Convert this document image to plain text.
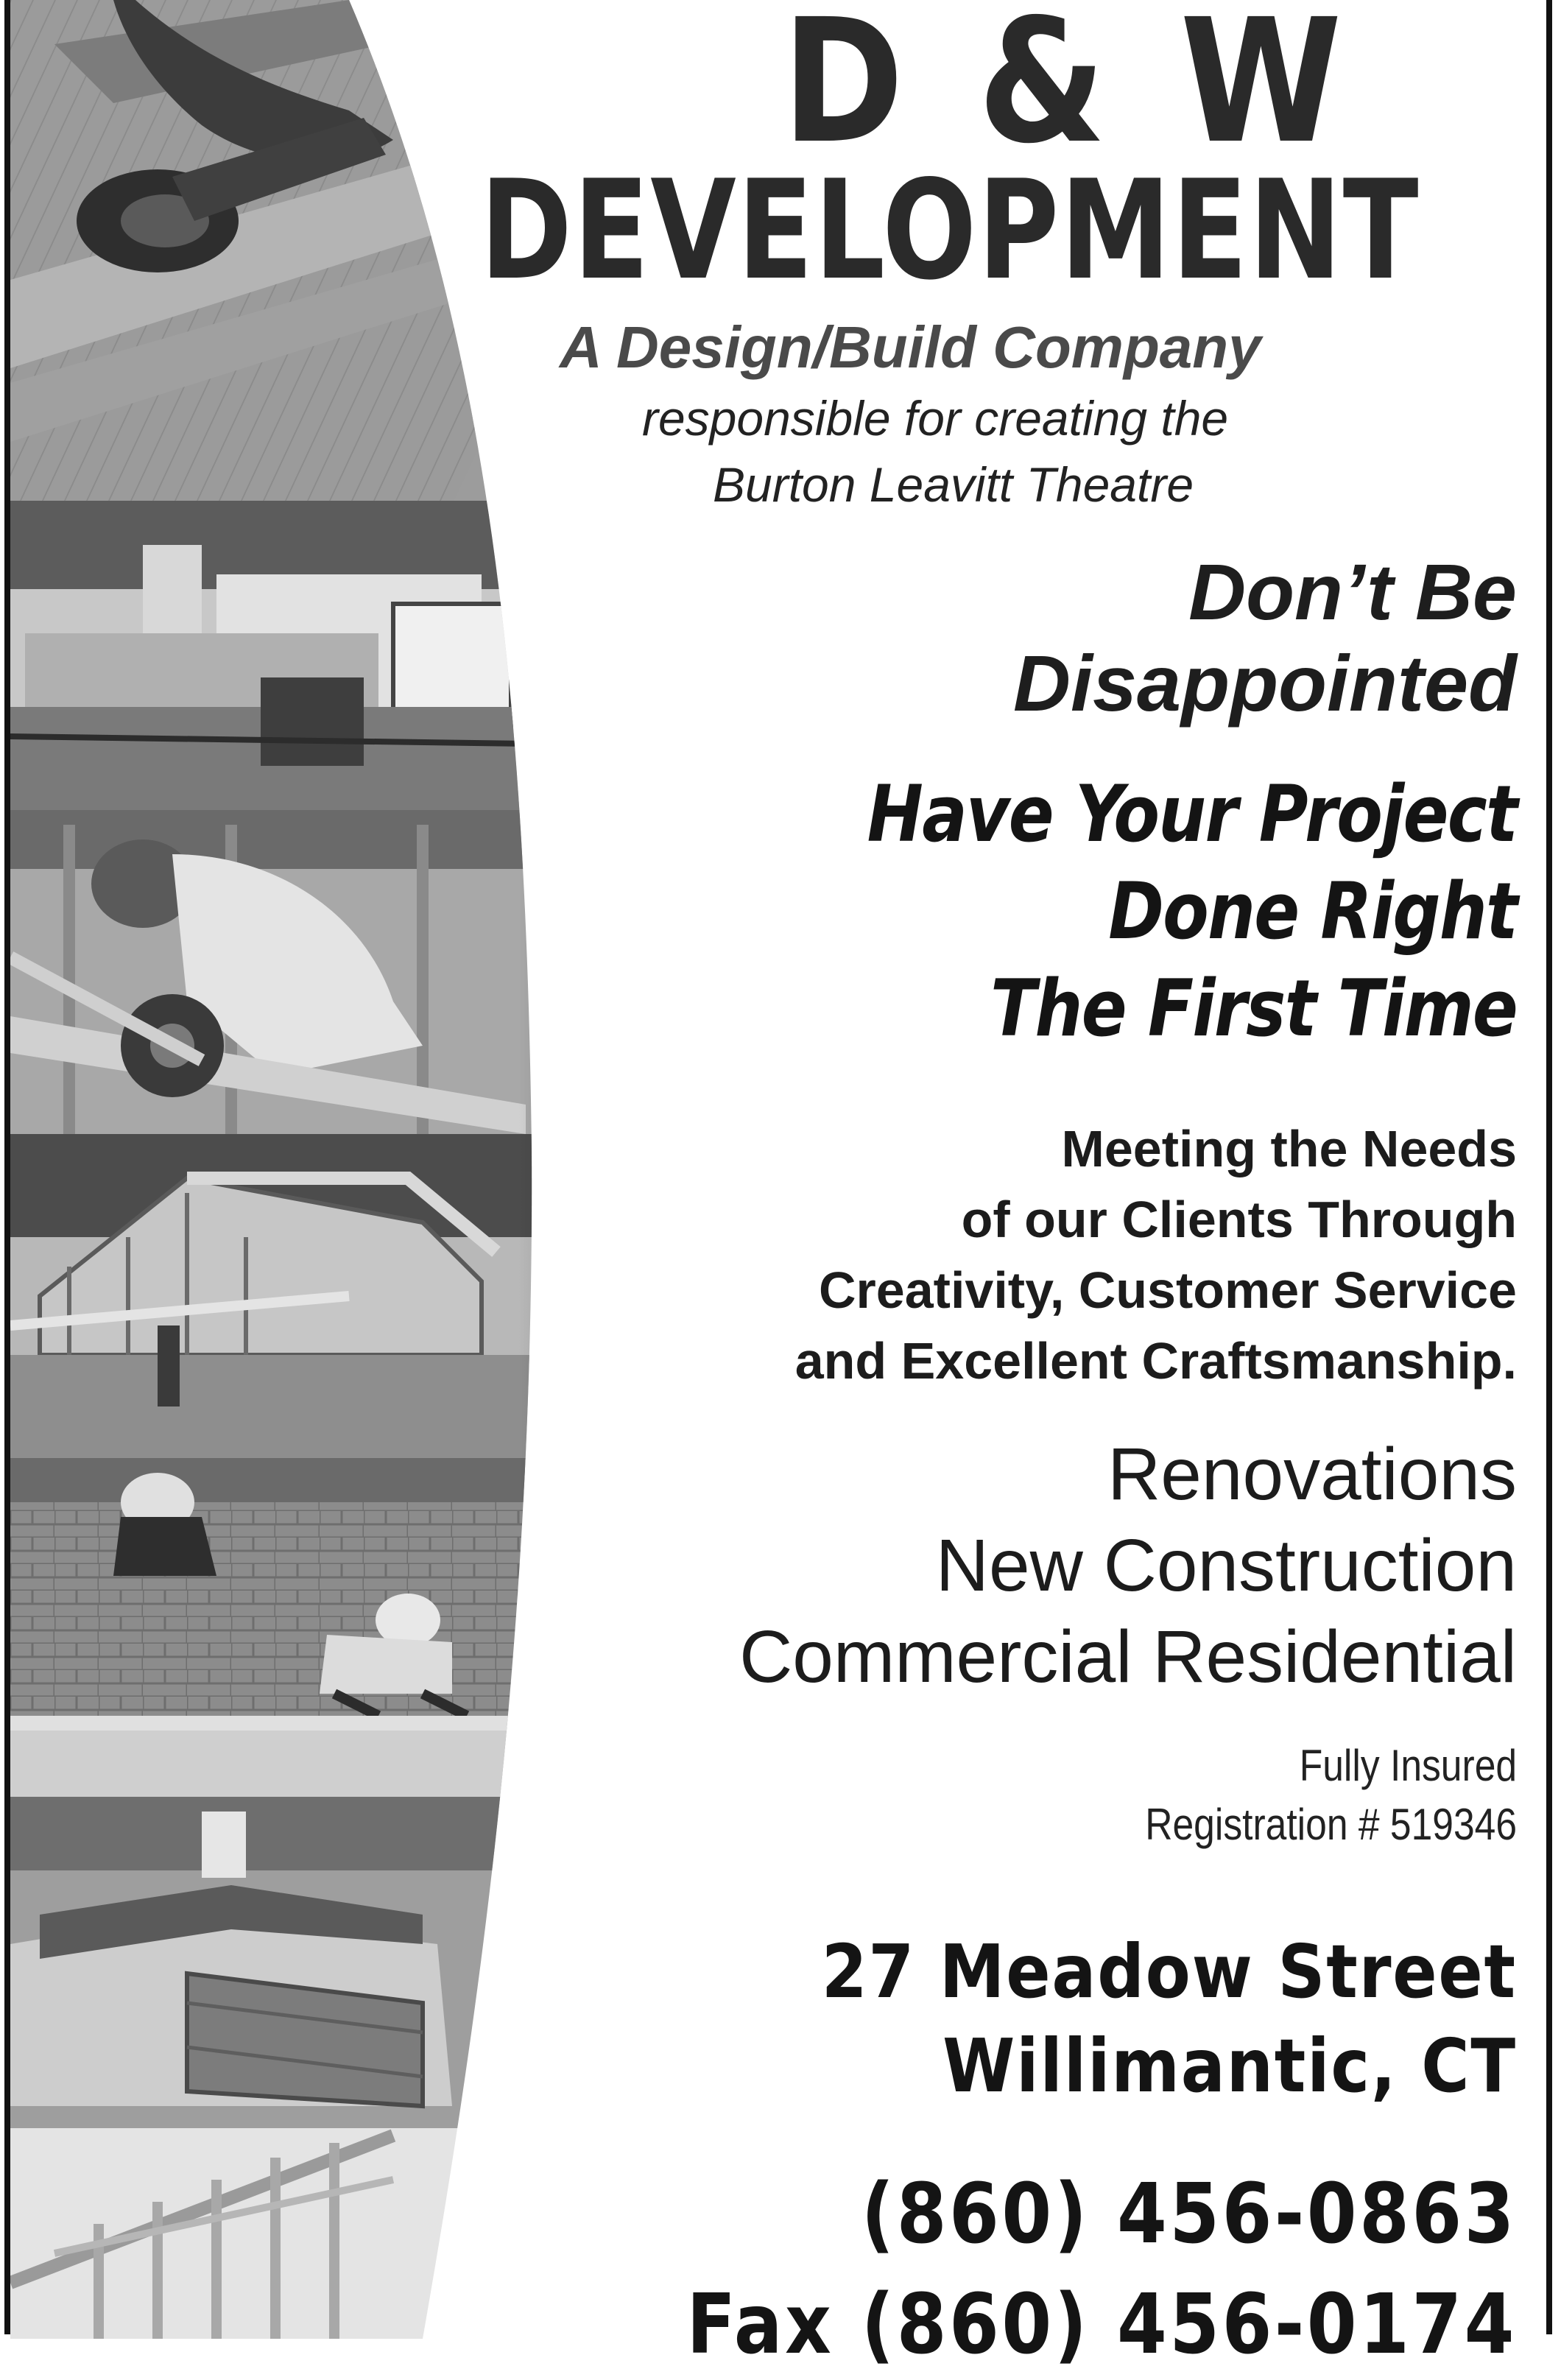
D & W
DEVELOPMENT
A Design/Build Company
responsible for creating the
Burton Leavitt Theatre
Don’t Be
Disappointed
Have Your Project
Done Right
The First Time
Meeting the Needs
of our Clients Through
Creativity, Customer Service
and Excellent Craftsmanship.
Renovations
New Construction
Commercial Residential
Fully Insured
Registration # 519346
27 Meadow Street
Willimantic, CT
(860) 456-0863
Fax (860) 456-0174
